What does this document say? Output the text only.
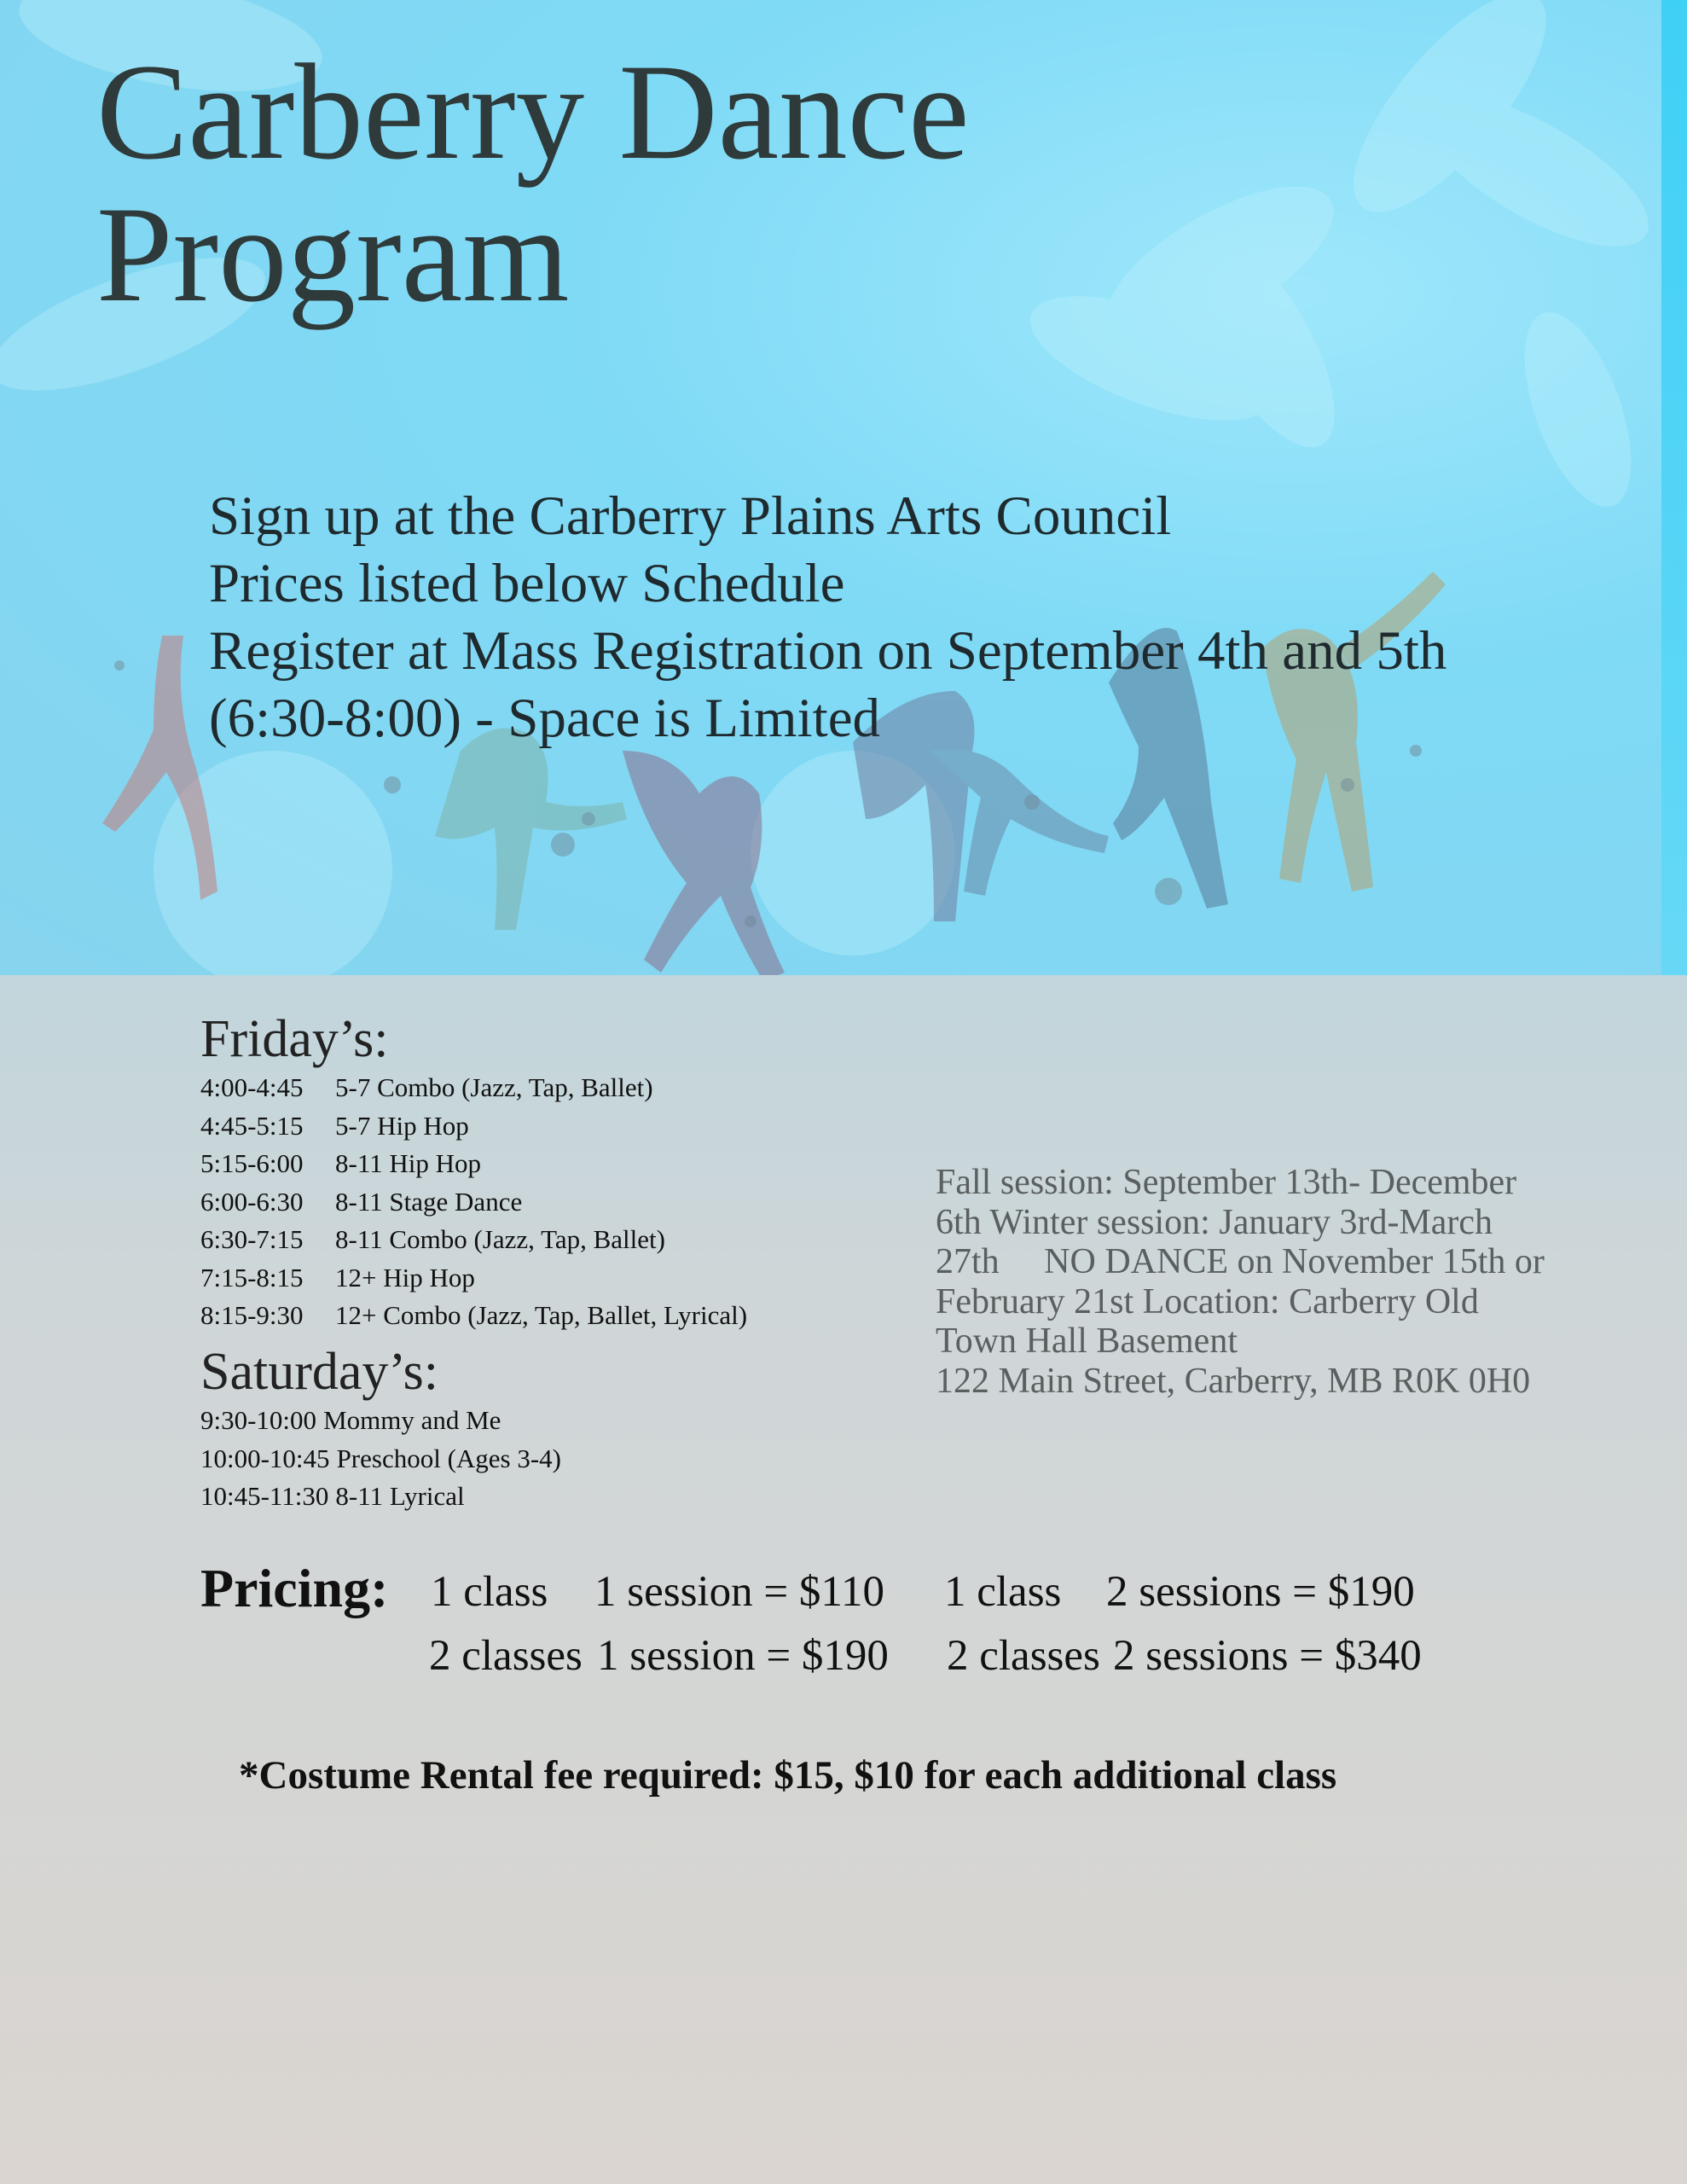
Carberry Dance
Program
Sign up at the Carberry Plains Arts Council
Prices listed below Schedule
Register at Mass Registration on September 4th and 5th
(6:30-8:00) - Space is Limited
Friday’s:
4:00-4:45	5-7 Combo (Jazz, Tap, Ballet)
4:45-5:15	5-7 Hip Hop
5:15-6:00	8-11 Hip Hop
6:00-6:30	8-11 Stage Dance
6:30-7:15	8-11 Combo (Jazz, Tap, Ballet)
7:15-8:15	12+ Hip Hop
8:15-9:30	12+ Combo (Jazz, Tap, Ballet, Lyrical)
Saturday’s:
9:30-10:00 Mommy and Me
10:00-10:45 Preschool (Ages 3-4)
10:45-11:30 8-11 Lyrical
Fall session: September 13th- December
6th Winter session: January 3rd-March
27th     NO DANCE on November 15th or
February 21st Location: Carberry Old
Town Hall Basement
122 Main Street, Carberry, MB R0K 0H0
Pricing: 1 class 1 session = $110 1 class 2 sessions = $190
2 classes 1 session = $190 2 classes 2 sessions = $340
*Costume Rental fee required: $15, $10 for each additional class
